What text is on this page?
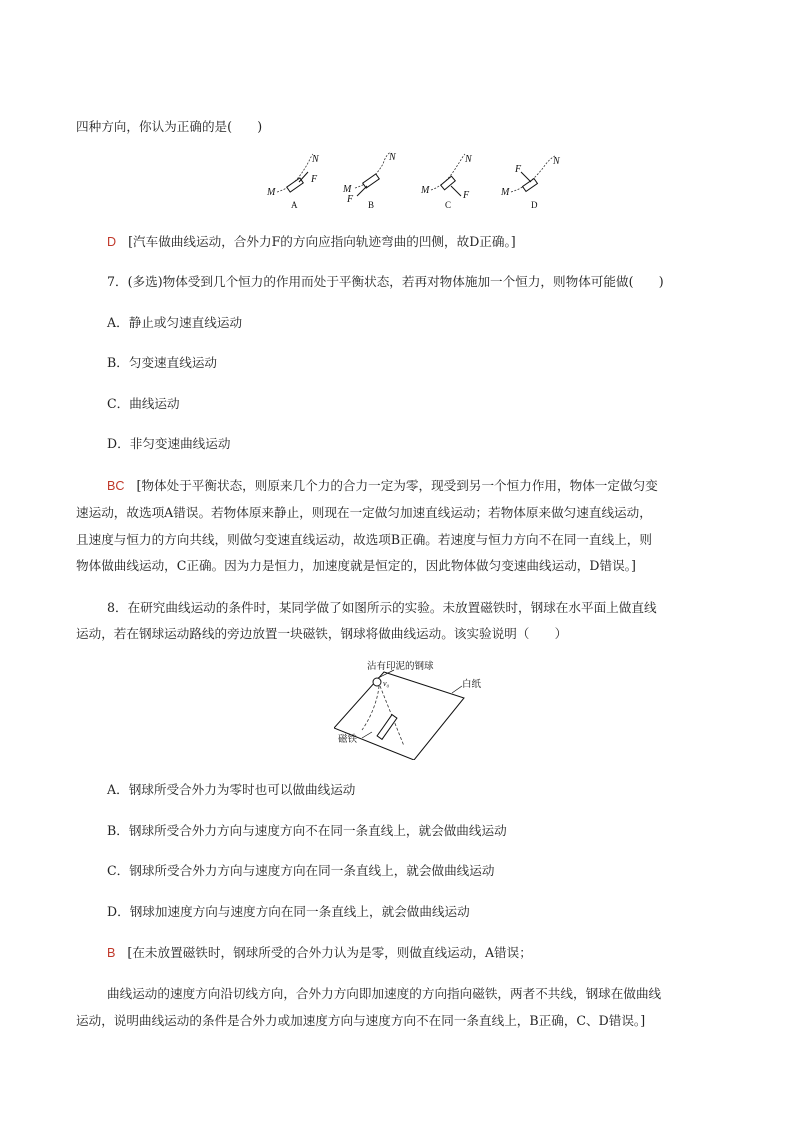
四种方向，你认为正确的是(　　)
M
N
F
A
M
N
F B
M
N
F
C
M
N
F
D
D [汽车做曲线运动，合外力F的方向应指向轨迹弯曲的凹侧，故D正确。]
7．(多选)物体受到几个恒力的作用而处于平衡状态，若再对物体施加一个恒力，则物体可能做(　　)
A．静止或匀速直线运动
B．匀变速直线运动
C．曲线运动
D．非匀变速曲线运动
BC [物体处于平衡状态，则原来几个力的合力一定为零，现受到另一个恒力作用，物体一定做匀变
速运动，故选项A错误。若物体原来静止，则现在一定做匀加速直线运动；若物体原来做匀速直线运动，
且速度与恒力的方向共线，则做匀变速直线运动，故选项B正确。若速度与恒力方向不在同一直线上，则
物体做曲线运动，C正确。因为力是恒力，加速度就是恒定的，因此物体做匀变速曲线运动，D错误。]
8．在研究曲线运动的条件时，某同学做了如图所示的实验。未放置磁铁时，钢球在水平面上做直线
运动，若在钢球运动路线的旁边放置一块磁铁，钢球将做曲线运动。该实验说明（　　）
沾有印泥的钢球
v₀	白纸
磁铁
A．钢球所受合外力为零时也可以做曲线运动
B．钢球所受合外力方向与速度方向不在同一条直线上，就会做曲线运动
C．钢球所受合外力方向与速度方向在同一条直线上，就会做曲线运动
D．钢球加速度方向与速度方向在同一条直线上，就会做曲线运动
B [在未放置磁铁时，钢球所受的合外力认为是零，则做直线运动，A错误；
曲线运动的速度方向沿切线方向，合外力方向即加速度的方向指向磁铁，两者不共线，钢球在做曲线
运动，说明曲线运动的条件是合外力或加速度方向与速度方向不在同一条直线上，B正确，C、D错误。]
